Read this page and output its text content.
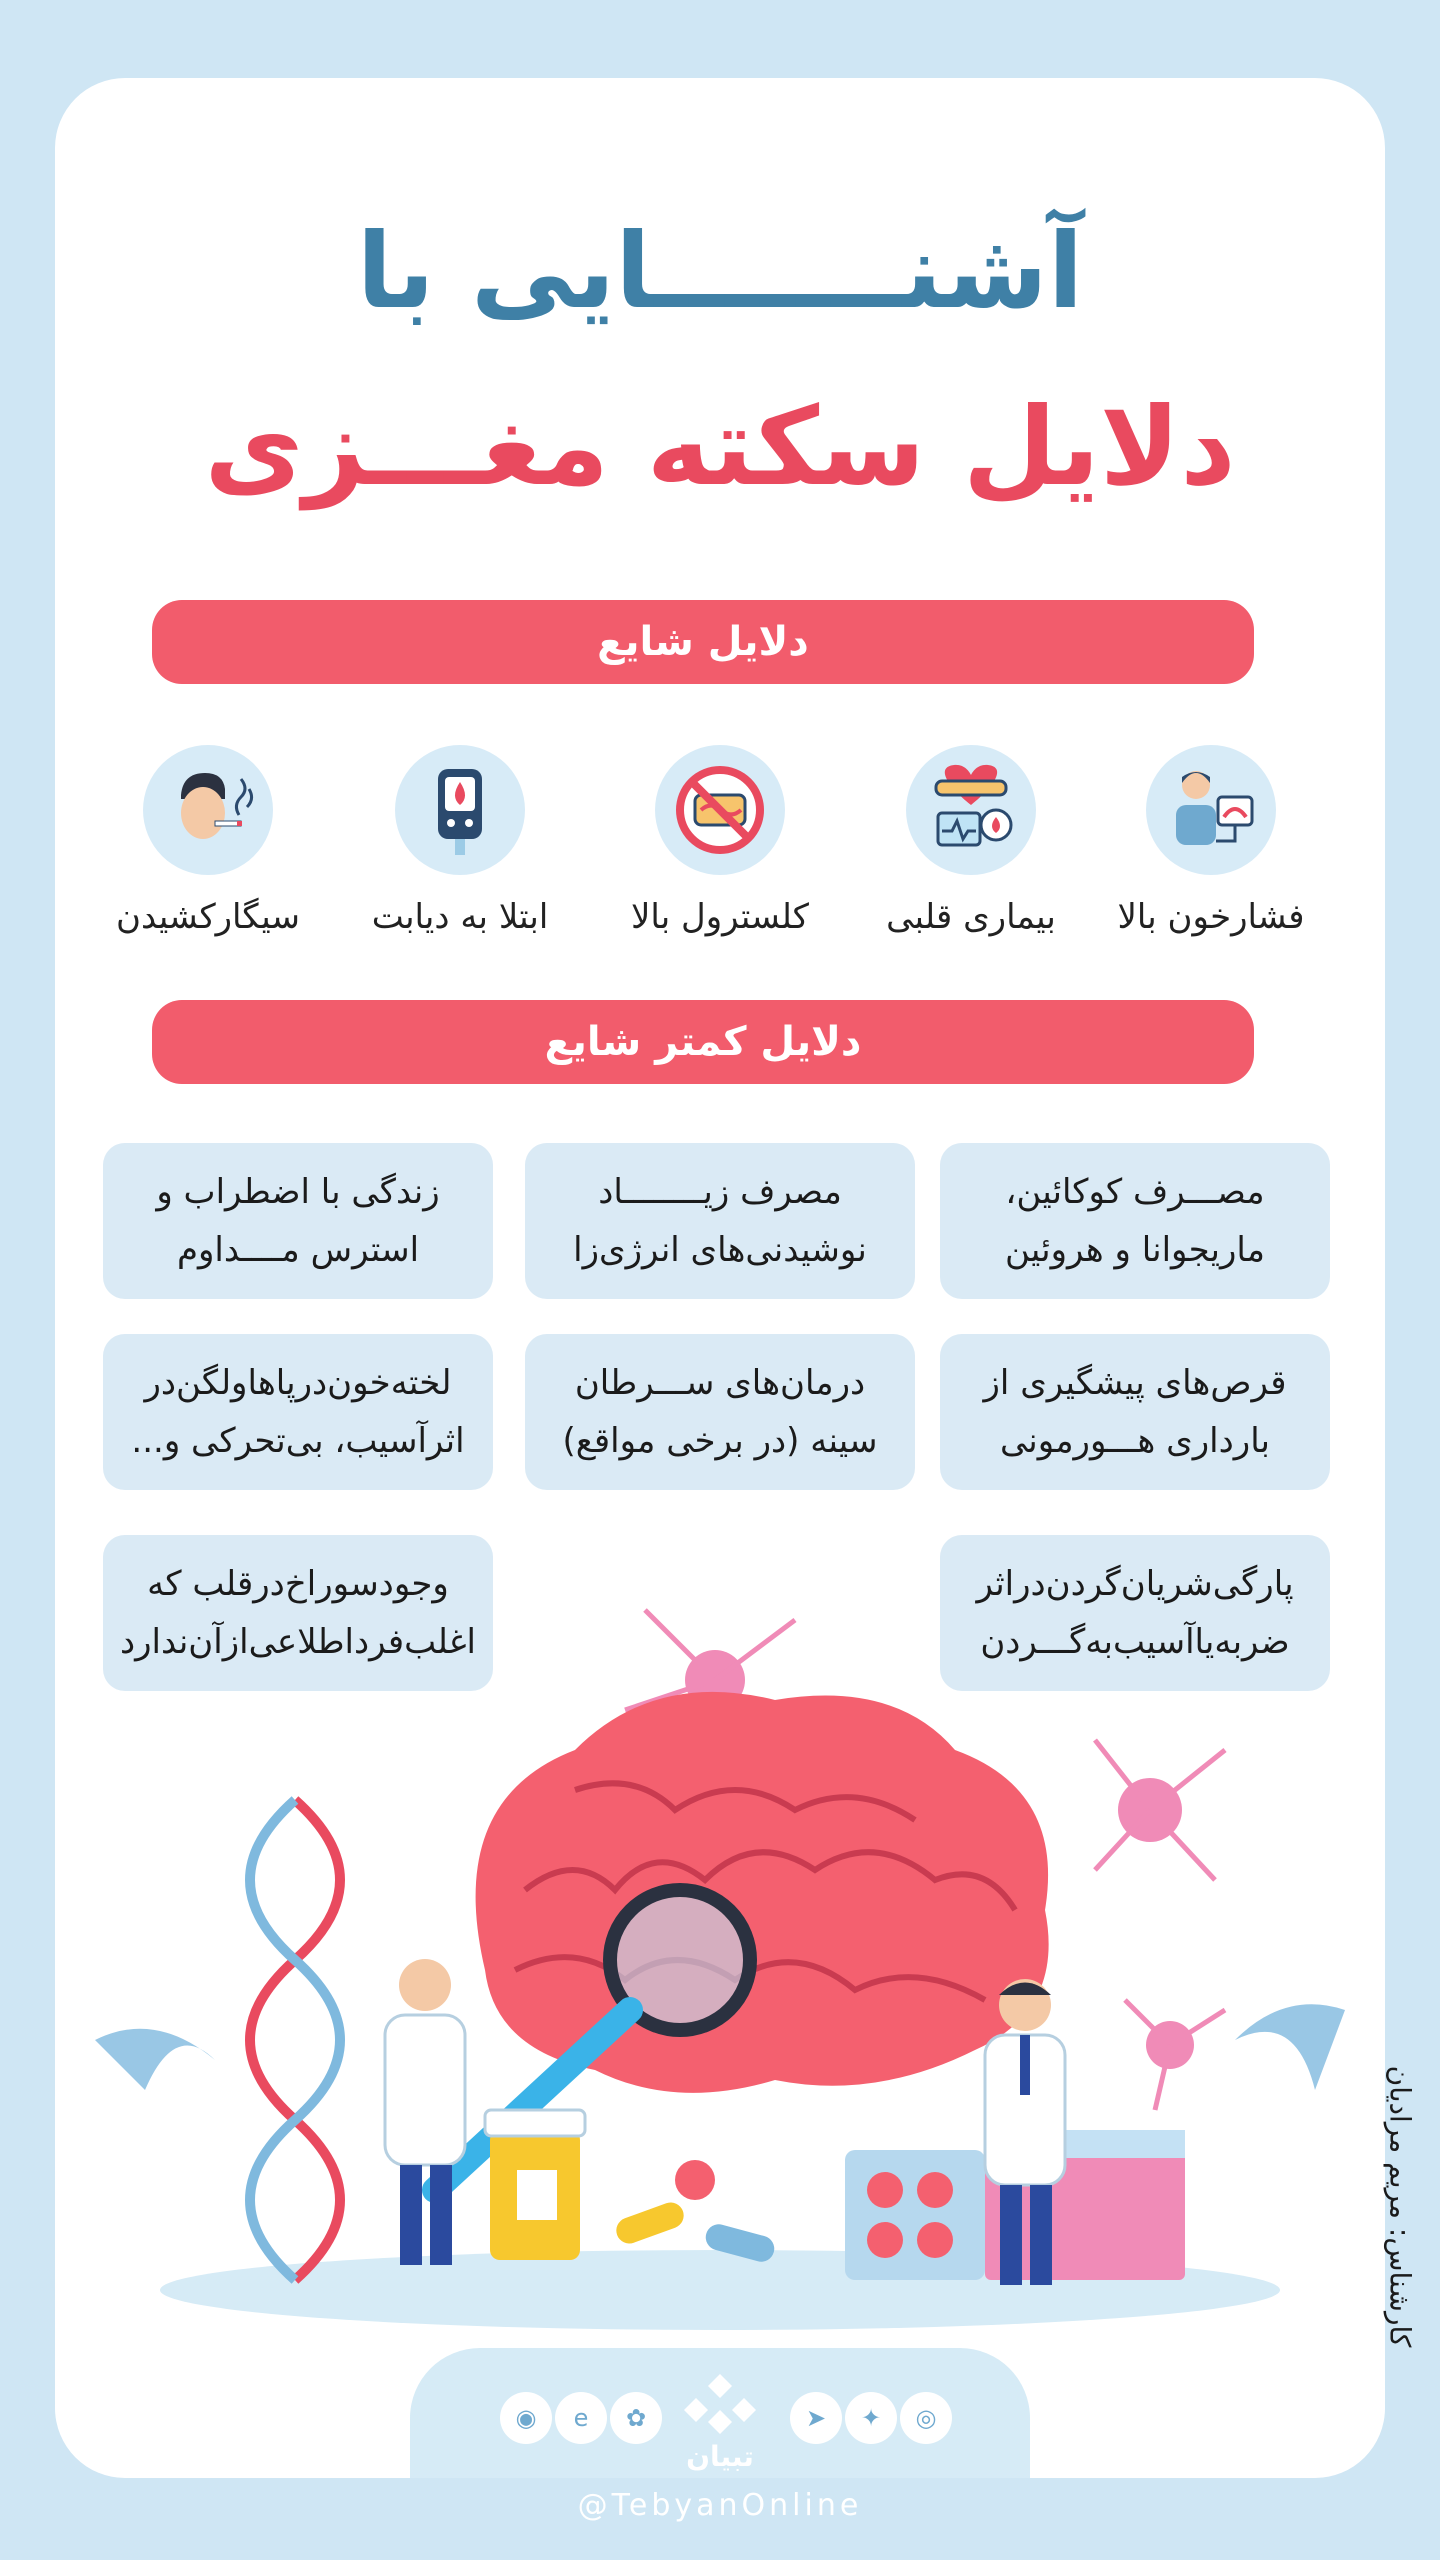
آشنـــــــایی با
دلایل سکته مغـــزی
دلایل شایع
فشارخون بالا
بیماری قلبی
کلسترول بالا
ابتلا به دیابت
سیگارکشیدن
دلایل کمتر شایع
مصـــرف کوکائین،
ماریجوانا و هروئین
مصرف زیــــــــاد
نوشیدنی‌های انرژی‌زا
زندگی با اضطراب و
استرس مــــداوم
قرص‌های پیشگیری از
بارداری هـــورمونی
درمان‌های ســـرطان
سینه (در برخی مواقع)
لخته‌خون‌درپاهاولگن‌در
اثر‌آسیب، بی‌تحرکی و...
پارگی‌شریان‌گردن‌دراثر
ضربه‌یاآسیب‌به‌گـــردن
وجودسوراخ‌درقلب که
اغلب‌فرداطلاعی‌ازآن‌ندارد
◉	e	✿	➤	✦	◎
تبیان
@TebyanOnline
کارشناس: مریم مرادیان
